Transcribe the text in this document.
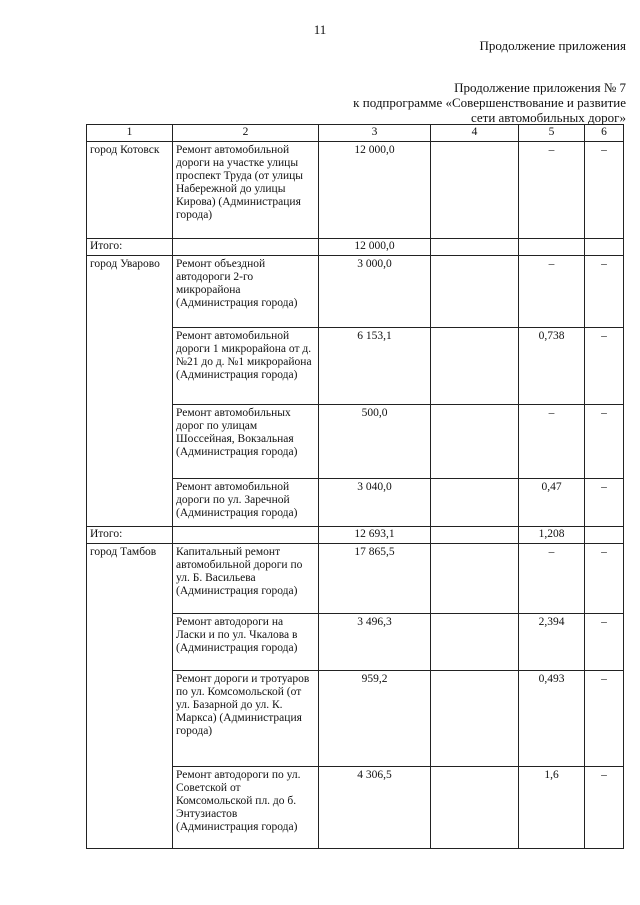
11
Продолжение приложения
Продолжение приложения № 7
к подпрограмме «Совершенствование и развитие
сети автомобильных дорог»
1	2	3	4	5	6
город Котовск	Ремонт автомобильной дороги на участке улицы проспект Труда (от улицы Набережной до улицы Кирова) (Администрация города)	12 000,0		–	–
Итого:		12 000,0			
город Уварово	Ремонт объездной автодороги 2-го микрорайона (Администрация города)	3 000,0		–	–
	Ремонт автомобильной дороги 1 микрорайона от д. №21 до д. №1 микрорайона (Администрация города)	6 153,1		0,738	–
	Ремонт автомобильных дорог по улицам Шоссейная, Вокзальная (Администрация города)	500,0		–	–
	Ремонт автомобильной дороги по ул. Заречной (Администрация города)	3 040,0		0,47	–
Итого:		12 693,1		1,208	
город Тамбов	Капитальный ремонт автомобильной дороги по ул. Б. Васильева (Администрация города)	17 865,5		–	–
	Ремонт автодороги на Ласки и по ул. Чкалова в (Администрация города)	3 496,3		2,394	–
	Ремонт дороги и тротуаров по ул. Комсомольской (от ул. Базарной до ул. К. Маркса) (Администрация города)	959,2		0,493	–
	Ремонт автодороги по ул. Советской от Комсомольской пл. до б. Энтузиастов (Администрация города)	4 306,5		1,6	–
